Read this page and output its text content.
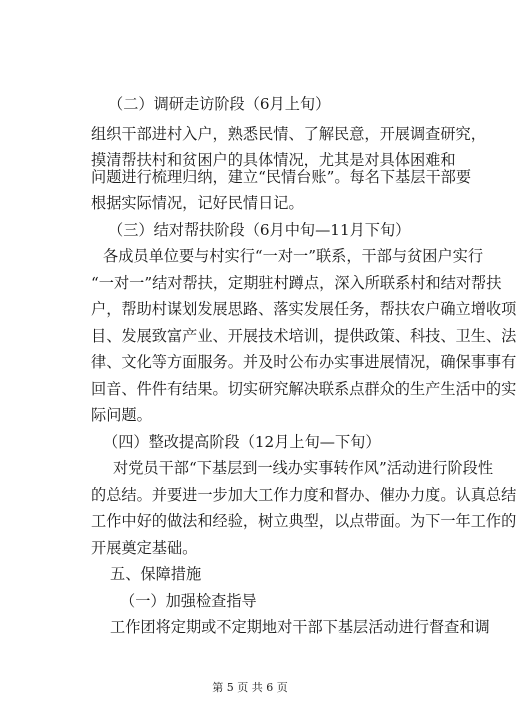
（二）调研走访阶段（6月上旬）
组织干部进村入户，熟悉民情、了解民意，开展调查研究，
摸清帮扶村和贫困户的具体情况，尤其是对具体困难和
问题进行梳理归纳，建立“民情台账”。每名下基层干部要
根据实际情况，记好民情日记。
（三）结对帮扶阶段（6月中旬—11月下旬）
各成员单位要与村实行“一对一”联系，干部与贫困户实行
“一对一”结对帮扶，定期驻村蹲点，深入所联系村和结对帮扶
户，帮助村谋划发展思路、落实发展任务，帮扶农户确立增收项
目、发展致富产业、开展技术培训，提供政策、科技、卫生、法
律、文化等方面服务。并及时公布办实事进展情况，确保事事有
回音、件件有结果。切实研究解决联系点群众的生产生活中的实
际问题。
（四）整改提高阶段（12月上旬—下旬）
对党员干部“下基层到一线办实事转作风”活动进行阶段性
的总结。并要进一步加大工作力度和督办、催办力度。认真总结
工作中好的做法和经验，树立典型，以点带面。为下一年工作的
开展奠定基础。
五、保障措施
（一）加强检查指导
工作团将定期或不定期地对干部下基层活动进行督查和调
第 5 页 共 6 页
